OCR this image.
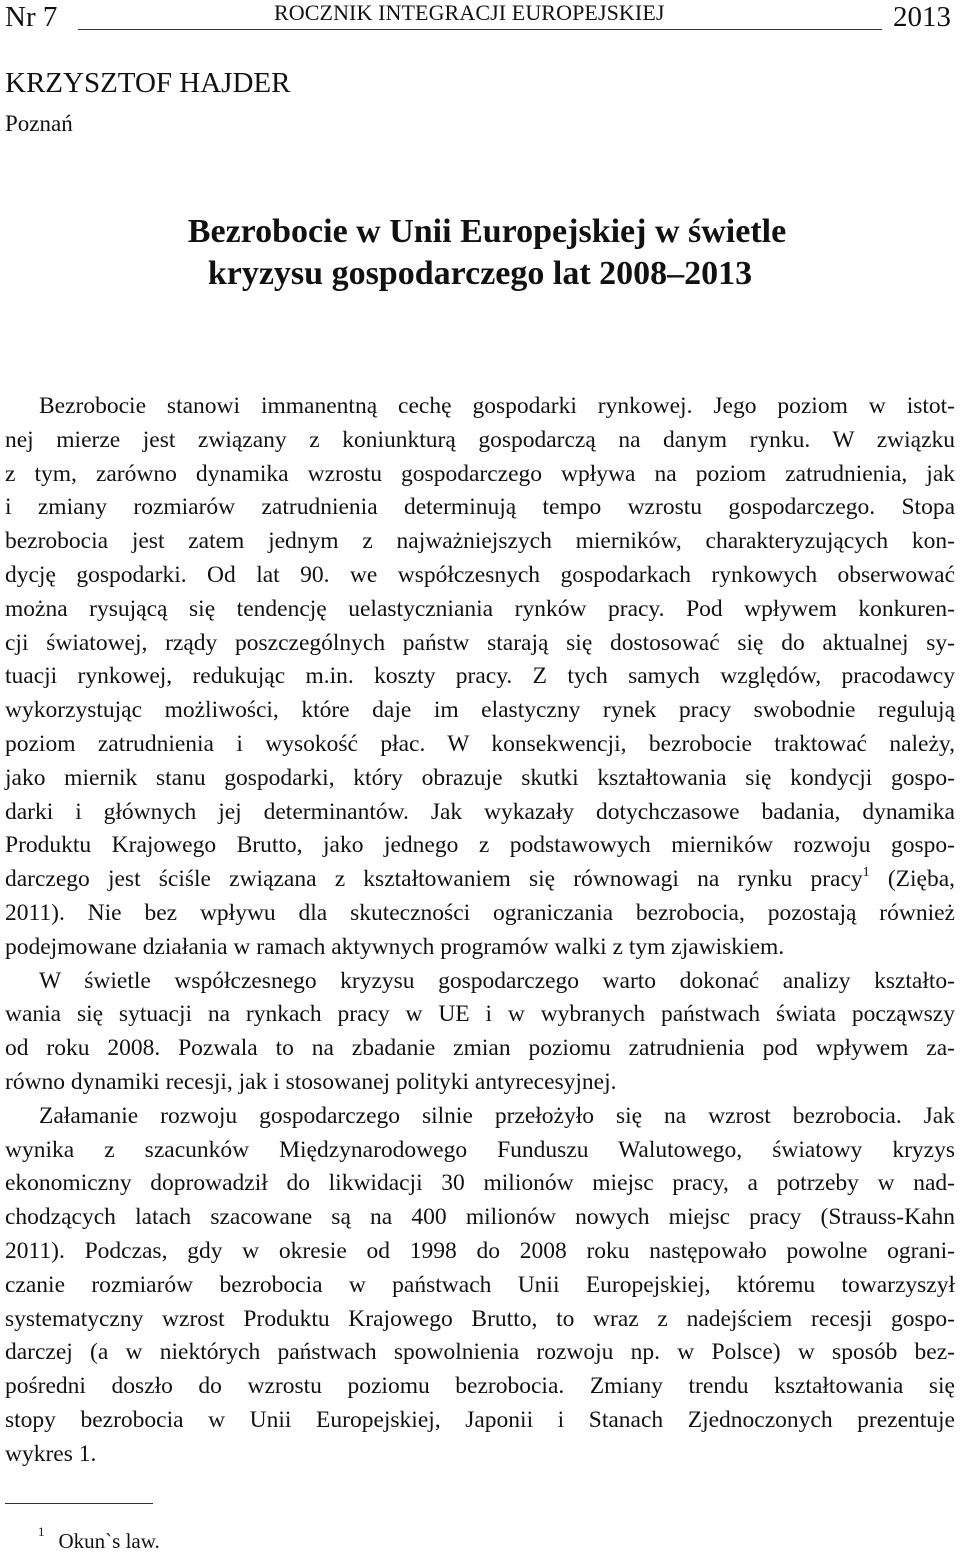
Nr 7	ROCZNIK INTEGRACJI EUROPEJSKIEJ	2013
KRZYSZTOF HAJDER
Poznań
Bezrobocie w Unii Europejskiej w świetle
kryzysu gospodarczego lat 2008–2013
Bezrobocie stanowi immanentną cechę gospodarki rynkowej. Jego poziom w istot-
nej mierze jest związany z koniunkturą gospodarczą na danym rynku. W związku
z tym, zarówno dynamika wzrostu gospodarczego wpływa na poziom zatrudnienia, jak
i zmiany rozmiarów zatrudnienia determinują tempo wzrostu gospodarczego. Stopa
bezrobocia jest zatem jednym z najważniejszych mierników, charakteryzujących kon-
dycję gospodarki. Od lat 90. we współczesnych gospodarkach rynkowych obserwować
można rysującą się tendencję uelastyczniania rynków pracy. Pod wpływem konkuren-
cji światowej, rządy poszczególnych państw starają się dostosować się do aktualnej sy-
tuacji rynkowej, redukując m.in. koszty pracy. Z tych samych względów, pracodawcy
wykorzystując możliwości, które daje im elastyczny rynek pracy swobodnie regulują
poziom zatrudnienia i wysokość płac. W konsekwencji, bezrobocie traktować należy,
jako miernik stanu gospodarki, który obrazuje skutki kształtowania się kondycji gospo-
darki i głównych jej determinantów. Jak wykazały dotychczasowe badania, dynamika
Produktu Krajowego Brutto, jako jednego z podstawowych mierników rozwoju gospo-
darczego jest ściśle związana z kształtowaniem się równowagi na rynku pracy$^1$ (Zięba,
2011). Nie bez wpływu dla skuteczności ograniczania bezrobocia, pozostają również
podejmowane działania w ramach aktywnych programów walki z tym zjawiskiem.
W świetle współczesnego kryzysu gospodarczego warto dokonać analizy kształto-
wania się sytuacji na rynkach pracy w UE i w wybranych państwach świata począwszy
od roku 2008. Pozwala to na zbadanie zmian poziomu zatrudnienia pod wpływem za-
równo dynamiki recesji, jak i stosowanej polityki antyrecesyjnej.
Załamanie rozwoju gospodarczego silnie przełożyło się na wzrost bezrobocia. Jak
wynika z szacunków Międzynarodowego Funduszu Walutowego, światowy kryzys
ekonomiczny doprowadził do likwidacji 30 milionów miejsc pracy, a potrzeby w nad-
chodzących latach szacowane są na 400 milionów nowych miejsc pracy (Strauss-Kahn
2011). Podczas, gdy w okresie od 1998 do 2008 roku następowało powolne ograni-
czanie rozmiarów bezrobocia w państwach Unii Europejskiej, któremu towarzyszył
systematyczny wzrost Produktu Krajowego Brutto, to wraz z nadejściem recesji gospo-
darczej (a w niektórych państwach spowolnienia rozwoju np. w Polsce) w sposób bez-
pośredni doszło do wzrostu poziomu bezrobocia. Zmiany trendu kształtowania się
stopy bezrobocia w Unii Europejskiej, Japonii i Stanach Zjednoczonych prezentuje
wykres 1.
$^1$ Okun`s law.
